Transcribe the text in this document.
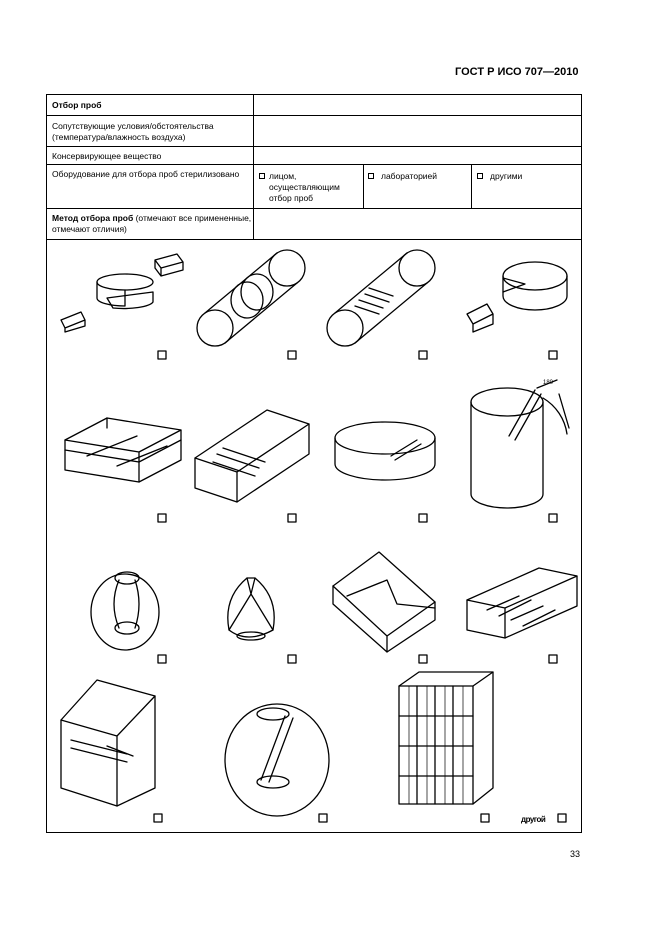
ГОСТ Р ИСО 707—2010
Отбор проб
Сопутствующие условия/обстоятельства (температура/влажность воздуха)
Консервирующее вещество
Оборудование для отбора проб стерилизовано	лицом, осуществляющим отбор проб
лабораторией	другими
Метод отбора проб (отмечают все примененные, отмечают отличия)
180
другой
33
